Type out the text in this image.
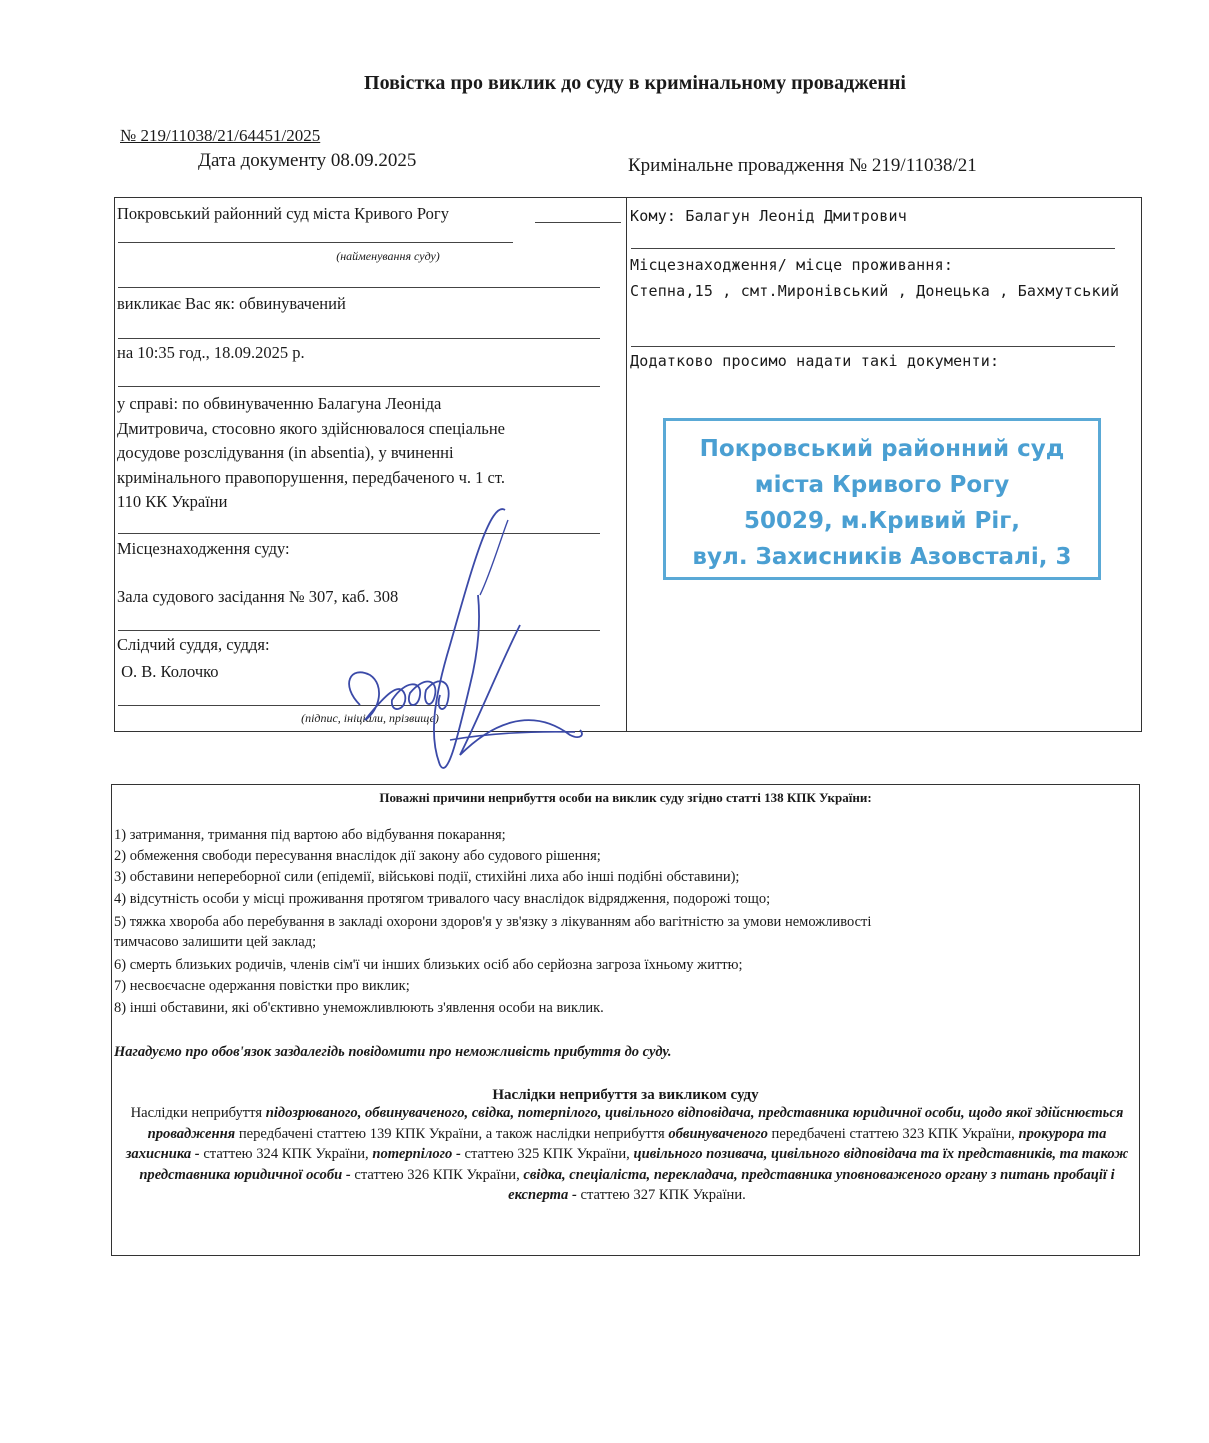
Повістка про виклик до суду в кримінальному провадженні
№ 219/11038/21/64451/2025
Дата документу 08.09.2025	Кримінальне провадження № 219/11038/21
Покровський районний суд міста Кривого Рогу
(найменування суду)
викликає Вас як: обвинувачений
на 10:35 год., 18.09.2025 р.
у справі: по обвинуваченню Балагуна Леоніда
Дмитровича, стосовно якого здійснювалося спеціальне
досудове розслідування (in absentia), у вчиненні
кримінального правопорушення, передбаченого ч. 1 ст.
110 КК України
Місцезнаходження суду:
Зала судового засідання № 307, каб. 308
Слідчий суддя, суддя:
О. В. Колочко
(підпис, ініціали, прізвище)
Кому: Балагун Леонід Дмитрович
Місцезнаходження/ місце проживання:
Степна,15 , смт.Миронівський , Донецька , Бахмутський
Додатково просимо надати такі документи:
Покровський районний суд
міста Кривого Рогу
50029, м.Кривий Ріг,
вул. Захисників Азовсталі, 3
Поважні причини неприбуття особи на виклик суду згідно статті 138 КПК України:
1) затримання, тримання під вартою або відбування покарання;
2) обмеження свободи пересування внаслідок дії закону або судового рішення;
3) обставини непереборної сили (епідемії, військові події, стихійні лиха або інші подібні обставини);
4) відсутність особи у місці проживання протягом тривалого часу внаслідок відрядження, подорожі тощо;
5) тяжка хвороба або перебування в закладі охорони здоров'я у зв'язку з лікуванням або вагітністю за умови неможливості
тимчасово залишити цей заклад;
6) смерть близьких родичів, членів сім'ї чи інших близьких осіб або серйозна загроза їхньому життю;
7) несвоєчасне одержання повістки про виклик;
8) інші обставини, які об'єктивно унеможливлюють з'явлення особи на виклик.
Нагадуємо про обов'язок заздалегідь повідомити про неможливість прибуття до суду.
Наслідки неприбуття за викликом суду
Наслідки неприбуття підозрюваного, обвинуваченого, свідка, потерпілого, цивільного відповідача, представника юридичної особи, щодо якої здійснюється провадження передбачені статтею 139 КПК України, а також наслідки неприбуття обвинуваченого передбачені статтею 323 КПК України, прокурора та захисника - статтею 324 КПК України, потерпілого - статтею 325 КПК України, цивільного позивача, цивільного відповідача та їх представників, та також представника юридичної особи - статтею 326 КПК України, свідка, спеціаліста, перекладача, представника уповноваженого органу з питань пробації і експерта - статтею 327 КПК України.
